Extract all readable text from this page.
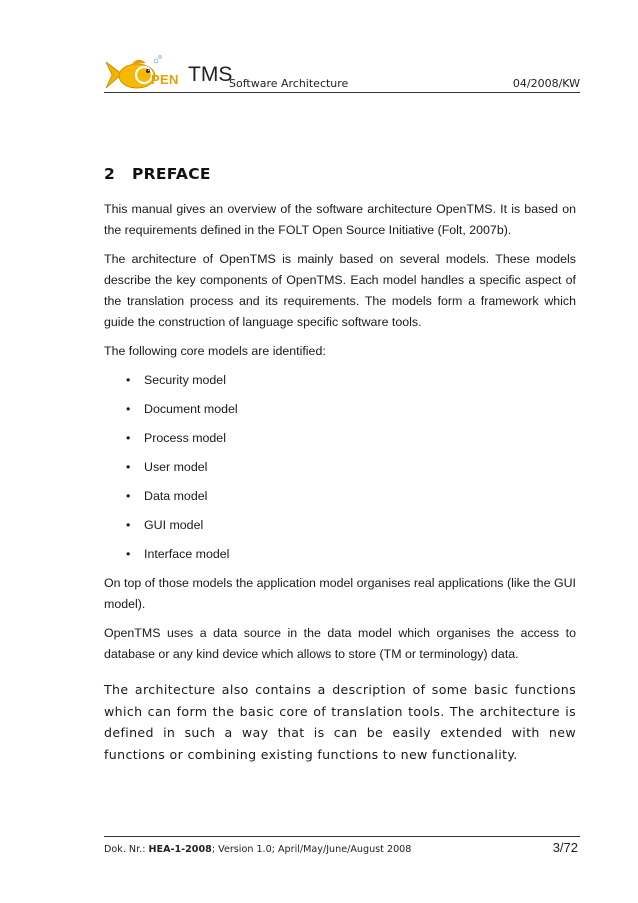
PEN TMS
Software Architecture	04/2008/KW
2 PREFACE

This manual gives an overview of the software architecture OpenTMS. It is based on the requirements defined in the FOLT Open Source Initiative (Folt, 2007b).

The architecture of OpenTMS is mainly based on several models. These models describe the key components of OpenTMS. Each model handles a specific aspect of the translation process and its requirements. The models form a framework which guide the construction of language specific software tools.

The following core models are identified:

• Security model
• Document model
• Process model
• User model
• Data model
• GUI model
• Interface model

On top of those models the application model organises real applications (like the GUI model).

OpenTMS uses a data source in the data model which organises the access to database or any kind device which allows to store (TM or terminology) data.

The architecture also contains a description of some basic functions which can form the basic core of translation tools. The architecture is defined in such a way that is can be easily extended with new functions or combining existing functions to new functionality.

Dok. Nr.: HEA-1-2008; Version 1.0; April/May/June/August 2008	3/72
